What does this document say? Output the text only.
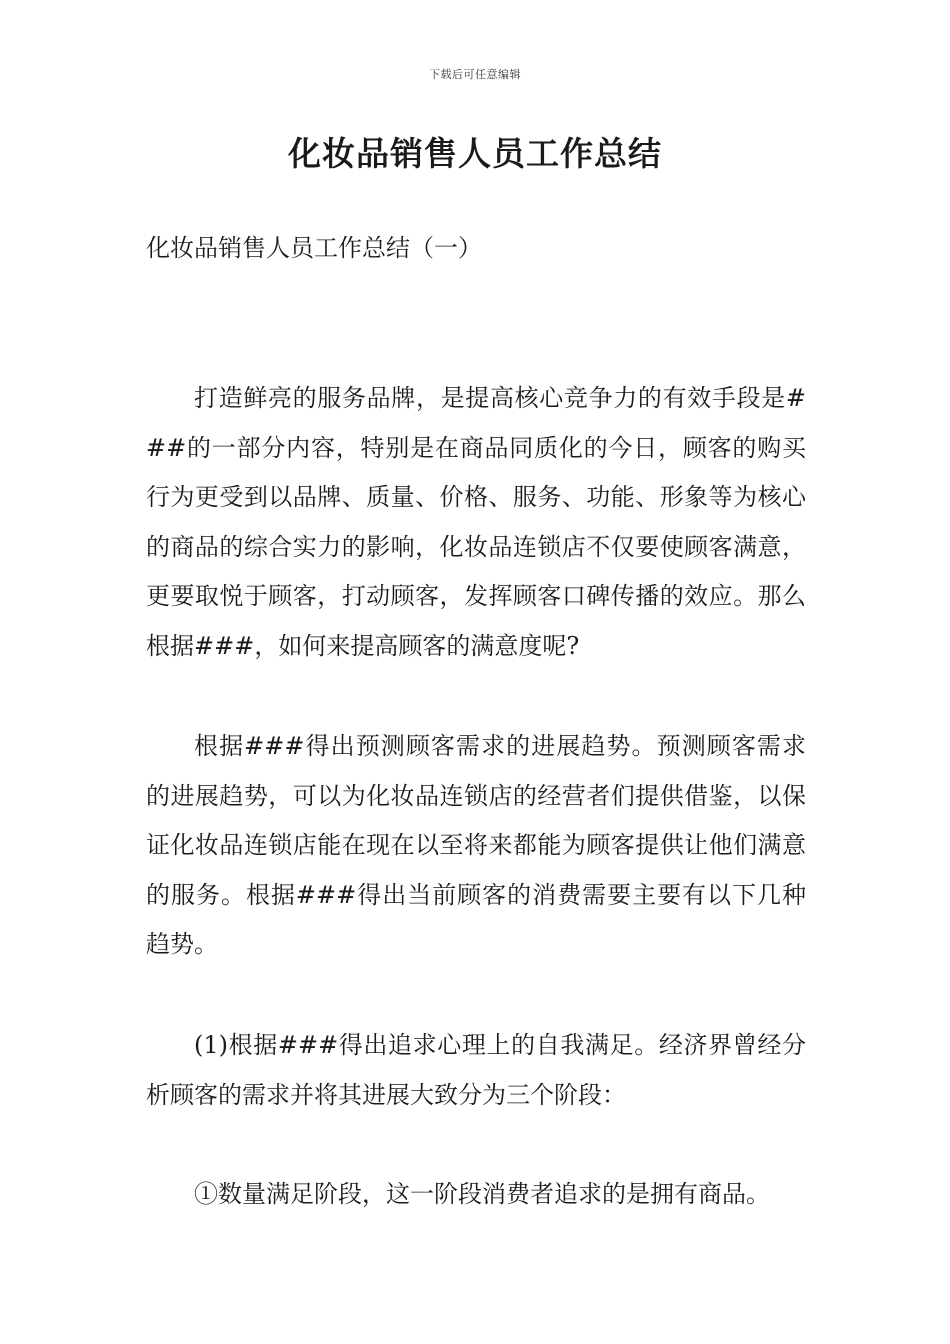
下载后可任意编辑
化妆品销售人员工作总结

化妆品销售人员工作总结（一）

打造鲜亮的服务品牌，是提高核心竞争力的有效手段是###的一部分内容，特别是在商品同质化的今日，顾客的购买行为更受到以品牌、质量、价格、服务、功能、形象等为核心的商品的综合实力的影响，化妆品连锁店不仅要使顾客满意，更要取悦于顾客，打动顾客，发挥顾客口碑传播的效应。那么根据###，如何来提高顾客的满意度呢?

根据###得出预测顾客需求的进展趋势。预测顾客需求的进展趋势，可以为化妆品连锁店的经营者们提供借鉴，以保证化妆品连锁店能在现在以至将来都能为顾客提供让他们满意的服务。根据###得出当前顾客的消费需要主要有以下几种趋势。

(1)根据###得出追求心理上的自我满足。经济界曾经分析顾客的需求并将其进展大致分为三个阶段：

①数量满足阶段，这一阶段消费者追求的是拥有商品。
